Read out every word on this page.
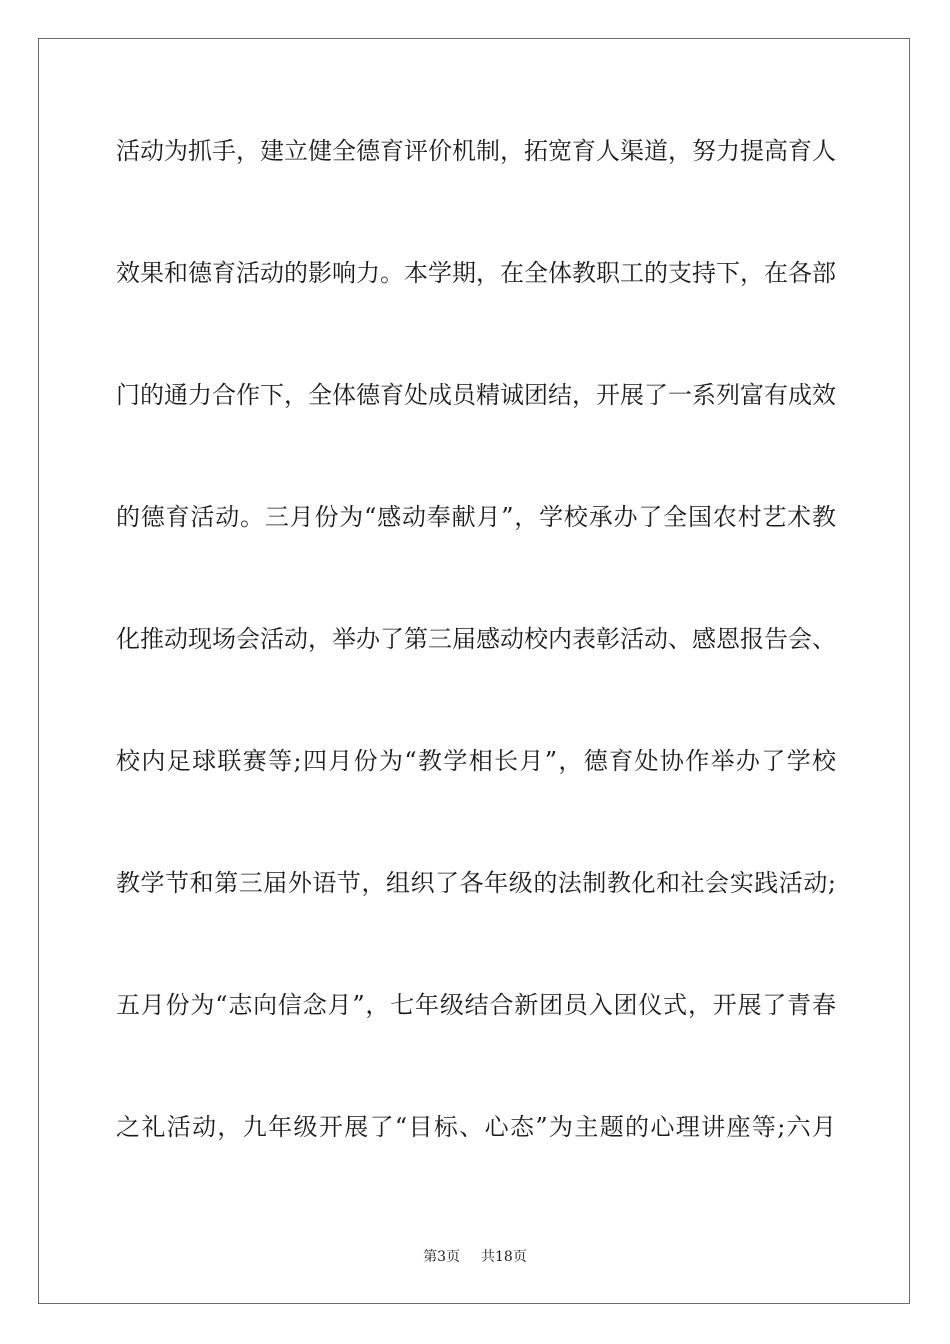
活动为抓手，建立健全德育评价机制，拓宽育人渠道，努力提高育人
效果和德育活动的影响力。本学期，在全体教职工的支持下，在各部
门的通力合作下，全体德育处成员精诚团结，开展了一系列富有成效
的德育活动。三月份为“感动奉献月”，学校承办了全国农村艺术教
化推动现场会活动，举办了第三届感动校内表彰活动、感恩报告会、
校内足球联赛等;四月份为“教学相长月”，德育处协作举办了学校
教学节和第三届外语节，组织了各年级的法制教化和社会实践活动;
五月份为“志向信念月”，七年级结合新团员入团仪式，开展了青春
之礼活动，九年级开展了“目标、心态”为主题的心理讲座等;六月
第3页 共18页
